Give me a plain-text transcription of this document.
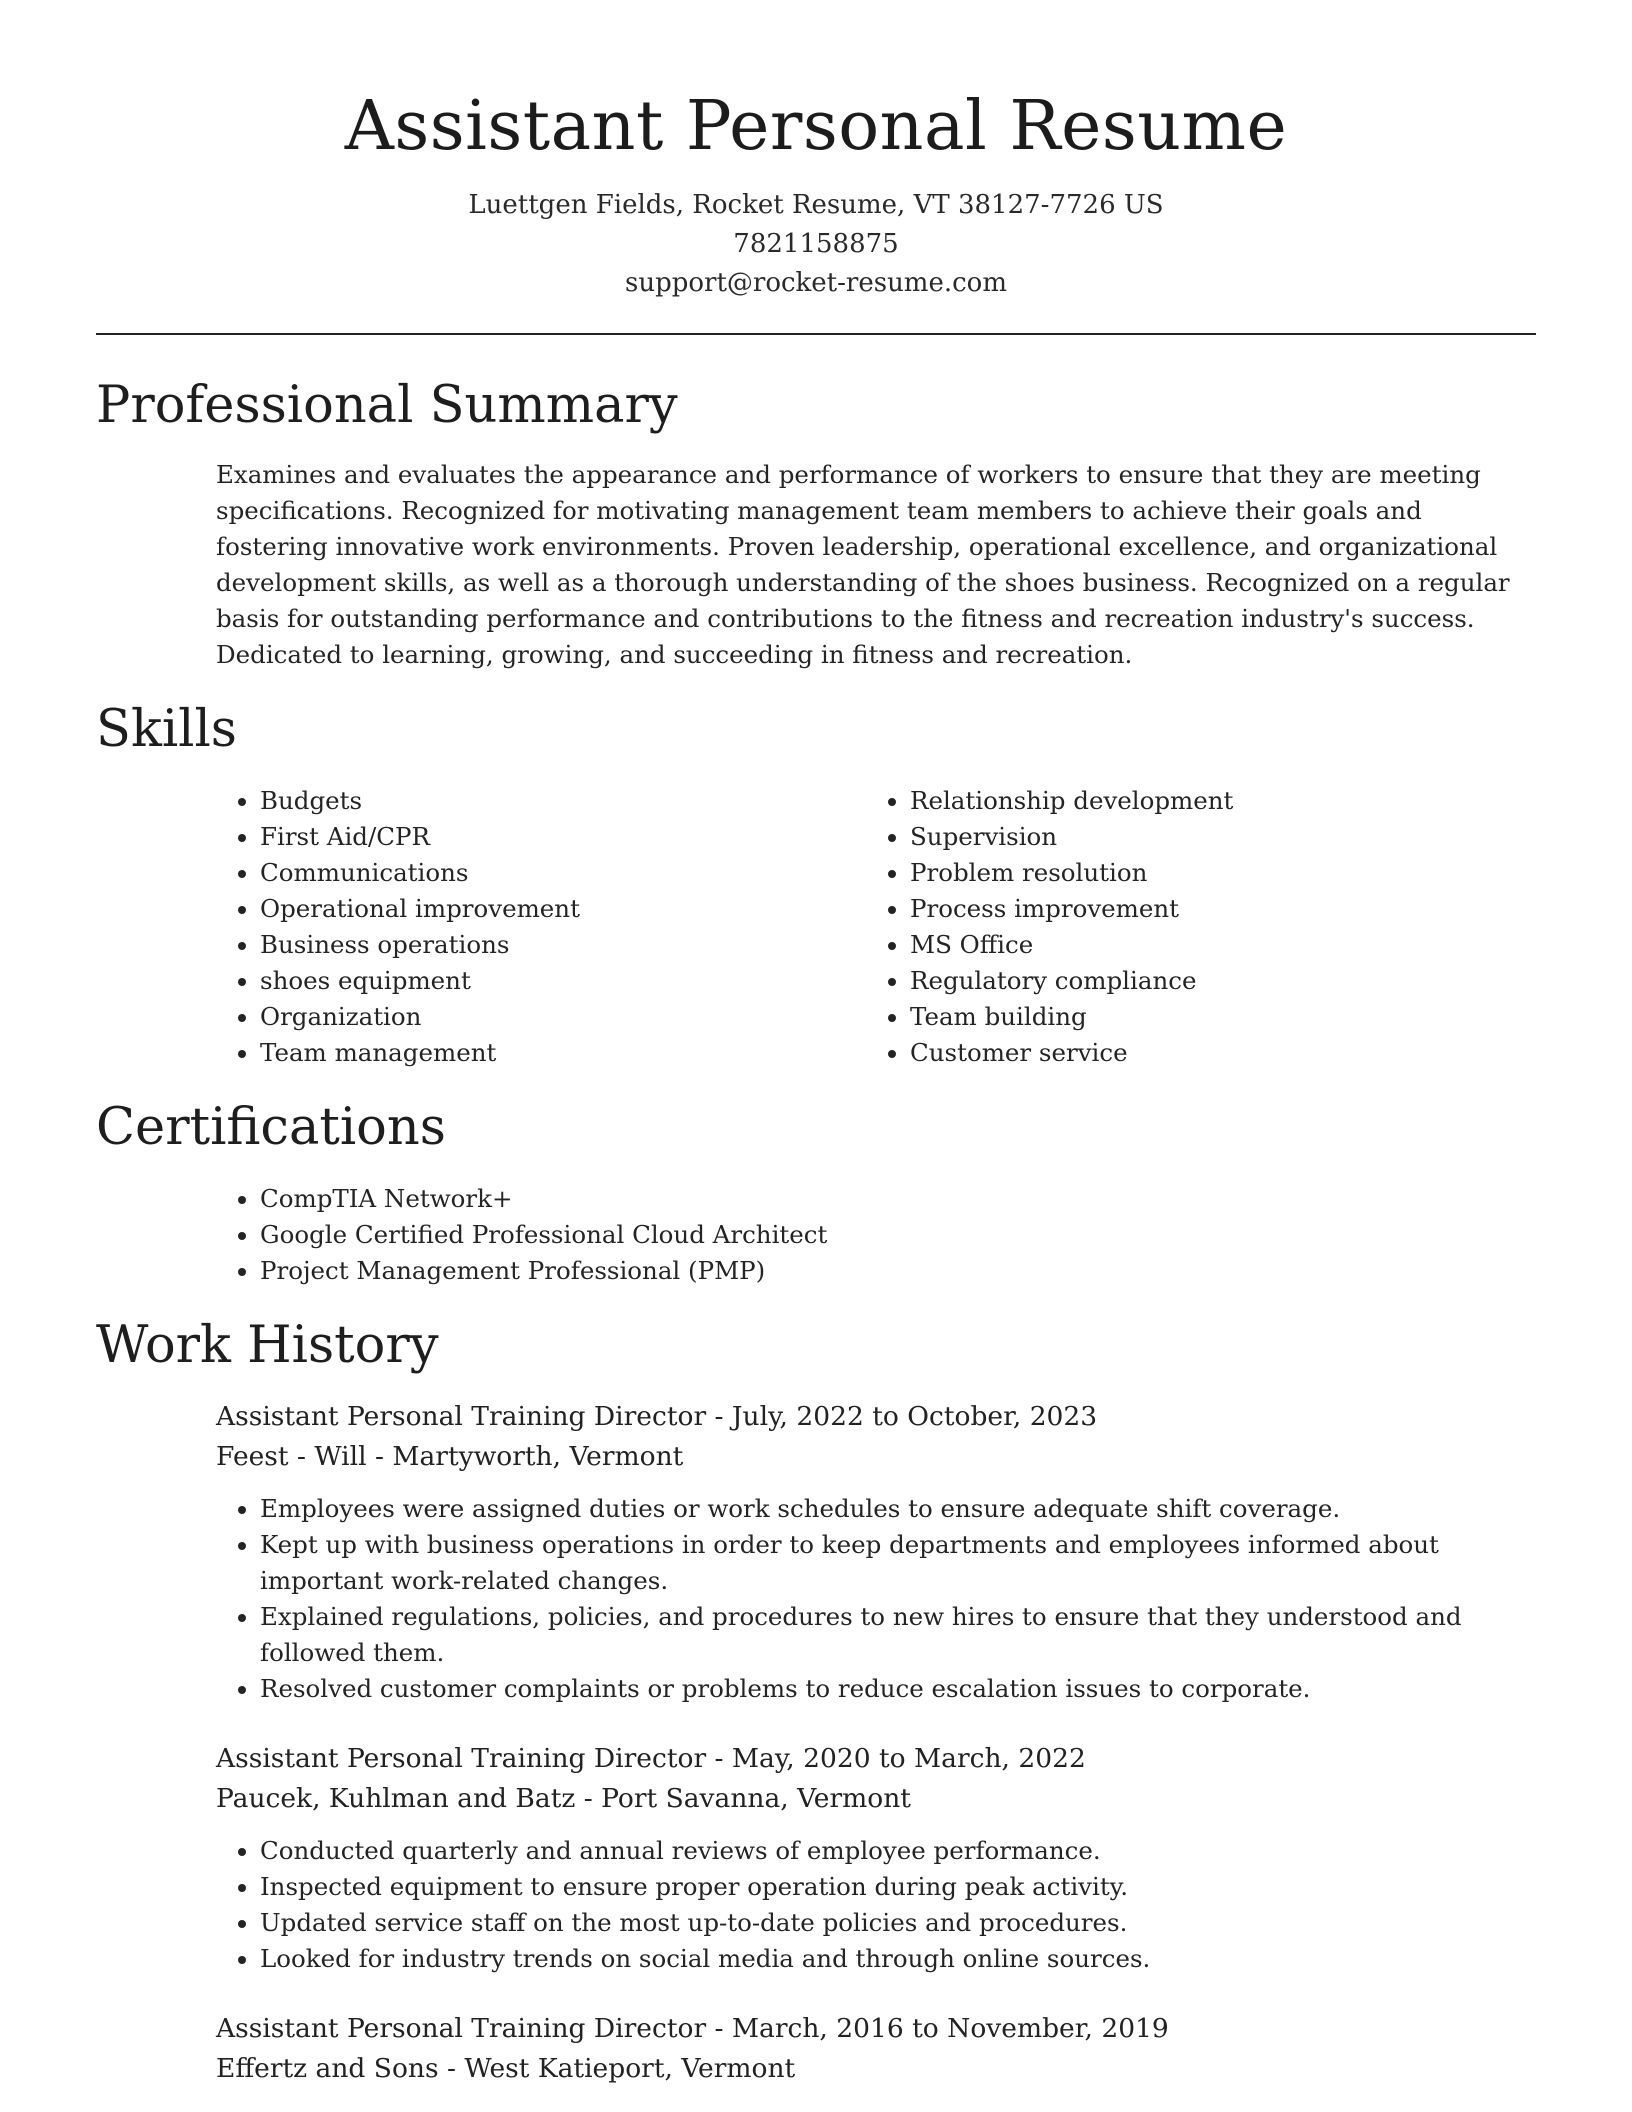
Assistant Personal Resume
Luettgen Fields, Rocket Resume, VT 38127-7726 US
7821158875
support@rocket-resume.com
Professional Summary
Examines and evaluates the appearance and performance of workers to ensure that they are meeting specifications. Recognized for motivating management team members to achieve their goals and fostering innovative work environments. Proven leadership, operational excellence, and organizational development skills, as well as a thorough understanding of the shoes business. Recognized on a regular basis for outstanding performance and contributions to the fitness and recreation industry's success. Dedicated to learning, growing, and succeeding in fitness and recreation.
Skills
• Budgets
• First Aid/CPR
• Communications
• Operational improvement
• Business operations
• shoes equipment
• Organization
• Team management
• Relationship development
• Supervision
• Problem resolution
• Process improvement
• MS Office
• Regulatory compliance
• Team building
• Customer service
Certifications
• CompTIA Network+
• Google Certified Professional Cloud Architect
• Project Management Professional (PMP)
Work History
Assistant Personal Training Director - July, 2022 to October, 2023
Feest - Will - Martyworth, Vermont
• Employees were assigned duties or work schedules to ensure adequate shift coverage.
• Kept up with business operations in order to keep departments and employees informed about important work-related changes.
• Explained regulations, policies, and procedures to new hires to ensure that they understood and followed them.
• Resolved customer complaints or problems to reduce escalation issues to corporate.
Assistant Personal Training Director - May, 2020 to March, 2022
Paucek, Kuhlman and Batz - Port Savanna, Vermont
• Conducted quarterly and annual reviews of employee performance.
• Inspected equipment to ensure proper operation during peak activity.
• Updated service staff on the most up-to-date policies and procedures.
• Looked for industry trends on social media and through online sources.
Assistant Personal Training Director - March, 2016 to November, 2019
Effertz and Sons - West Katieport, Vermont
